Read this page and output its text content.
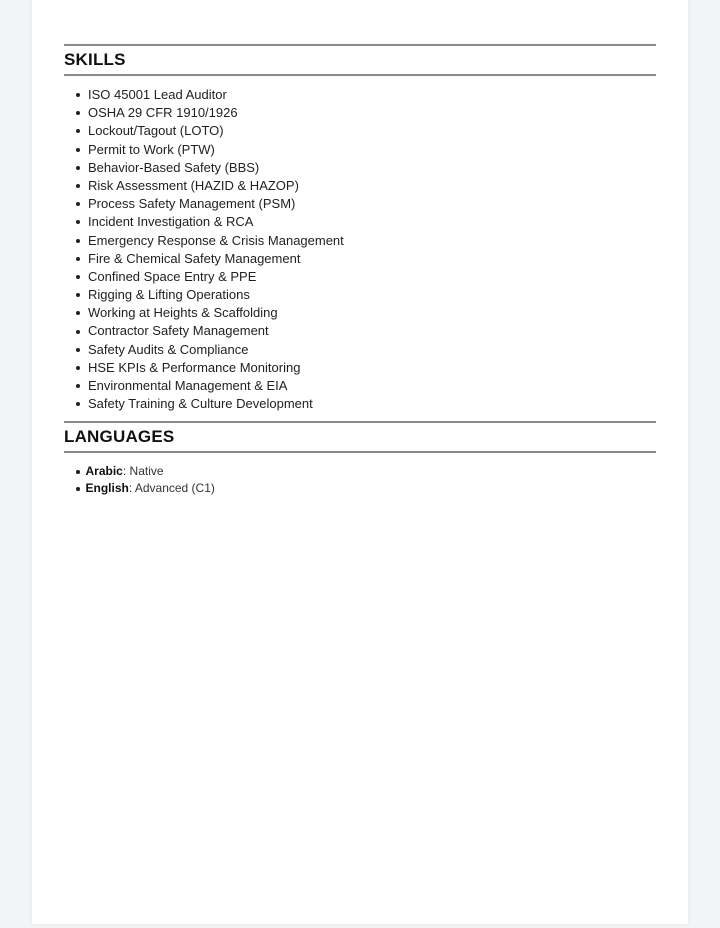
SKILLS
ISO 45001 Lead Auditor
OSHA 29 CFR 1910/1926
Lockout/Tagout (LOTO)
Permit to Work (PTW)
Behavior-Based Safety (BBS)
Risk Assessment (HAZID & HAZOP)
Process Safety Management (PSM)
Incident Investigation & RCA
Emergency Response & Crisis Management
Fire & Chemical Safety Management
Confined Space Entry & PPE
Rigging & Lifting Operations
Working at Heights & Scaffolding
Contractor Safety Management
Safety Audits & Compliance
HSE KPIs & Performance Monitoring
Environmental Management & EIA
Safety Training & Culture Development
LANGUAGES
Arabic : Native
English : Advanced (C1)
